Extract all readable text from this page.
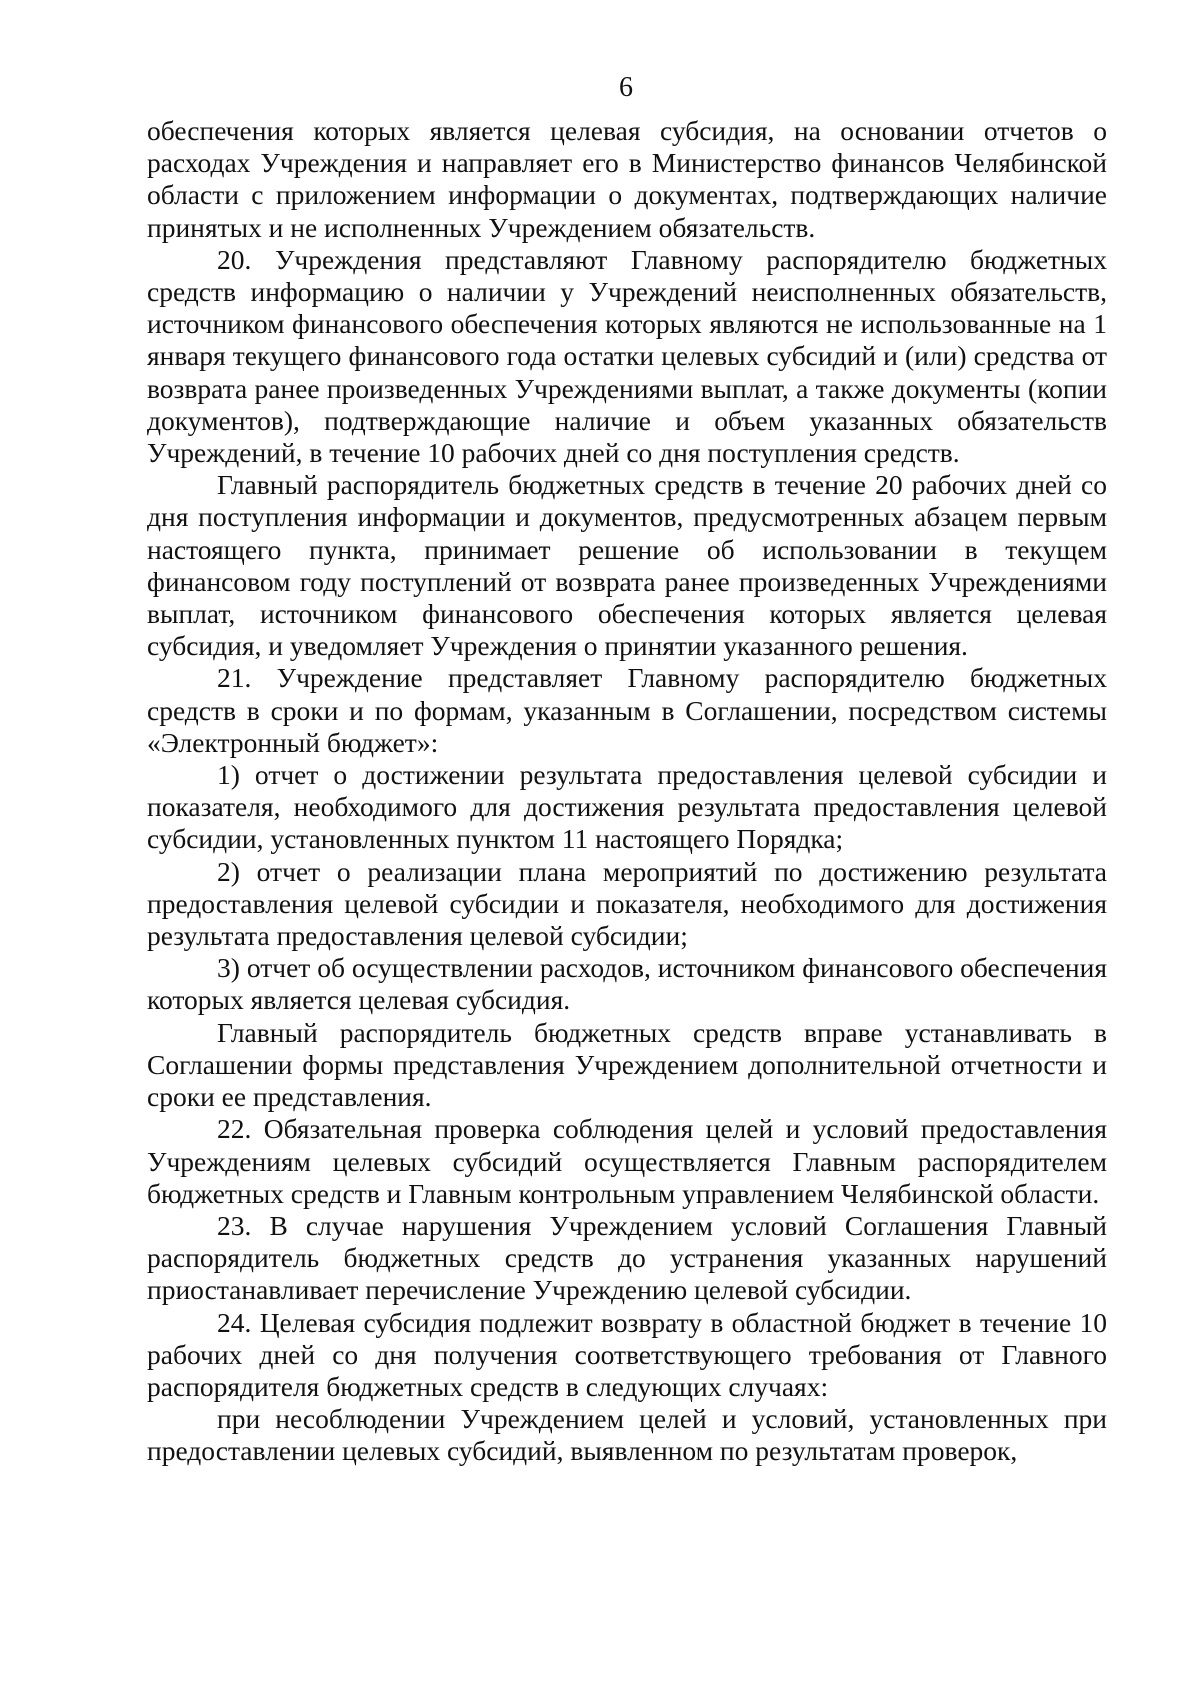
6

обеспечения которых является целевая субсидия, на основании отчетов о расходах Учреждения и направляет его в Министерство финансов Челябинской области с приложением информации о документах, подтверждающих наличие принятых и не исполненных Учреждением обязательств.

20. Учреждения представляют Главному распорядителю бюджетных средств информацию о наличии у Учреждений неисполненных обязательств, источником финансового обеспечения которых являются не использованные на 1 января текущего финансового года остатки целевых субсидий и (или) средства от возврата ранее произведенных Учреждениями выплат, а также документы (копии документов), подтверждающие наличие и объем указанных обязательств Учреждений, в течение 10 рабочих дней со дня поступления средств.

Главный распорядитель бюджетных средств в течение 20 рабочих дней со дня поступления информации и документов, предусмотренных абзацем первым настоящего пункта, принимает решение об использовании в текущем финансовом году поступлений от возврата ранее произведенных Учреждениями выплат, источником финансового обеспечения которых является целевая субсидия, и уведомляет Учреждения о принятии указанного решения.

21. Учреждение представляет Главному распорядителю бюджетных средств в сроки и по формам, указанным в Соглашении, посредством системы «Электронный бюджет»:

1) отчет о достижении результата предоставления целевой субсидии и показателя, необходимого для достижения результата предоставления целевой субсидии, установленных пунктом 11 настоящего Порядка;

2) отчет о реализации плана мероприятий по достижению результата предоставления целевой субсидии и показателя, необходимого для достижения результата предоставления целевой субсидии;

3) отчет об осуществлении расходов, источником финансового обеспечения которых является целевая субсидия.

Главный распорядитель бюджетных средств вправе устанавливать в Соглашении формы представления Учреждением дополнительной отчетности и сроки ее представления.

22. Обязательная проверка соблюдения целей и условий предоставления Учреждениям целевых субсидий осуществляется Главным распорядителем бюджетных средств и Главным контрольным управлением Челябинской области.

23. В случае нарушения Учреждением условий Соглашения Главный распорядитель бюджетных средств до устранения указанных нарушений приостанавливает перечисление Учреждению целевой субсидии.

24. Целевая субсидия подлежит возврату в областной бюджет в течение 10 рабочих дней со дня получения соответствующего требования от Главного распорядителя бюджетных средств в следующих случаях:

при несоблюдении Учреждением целей и условий, установленных при предоставлении целевых субсидий, выявленном по результатам проверок,
